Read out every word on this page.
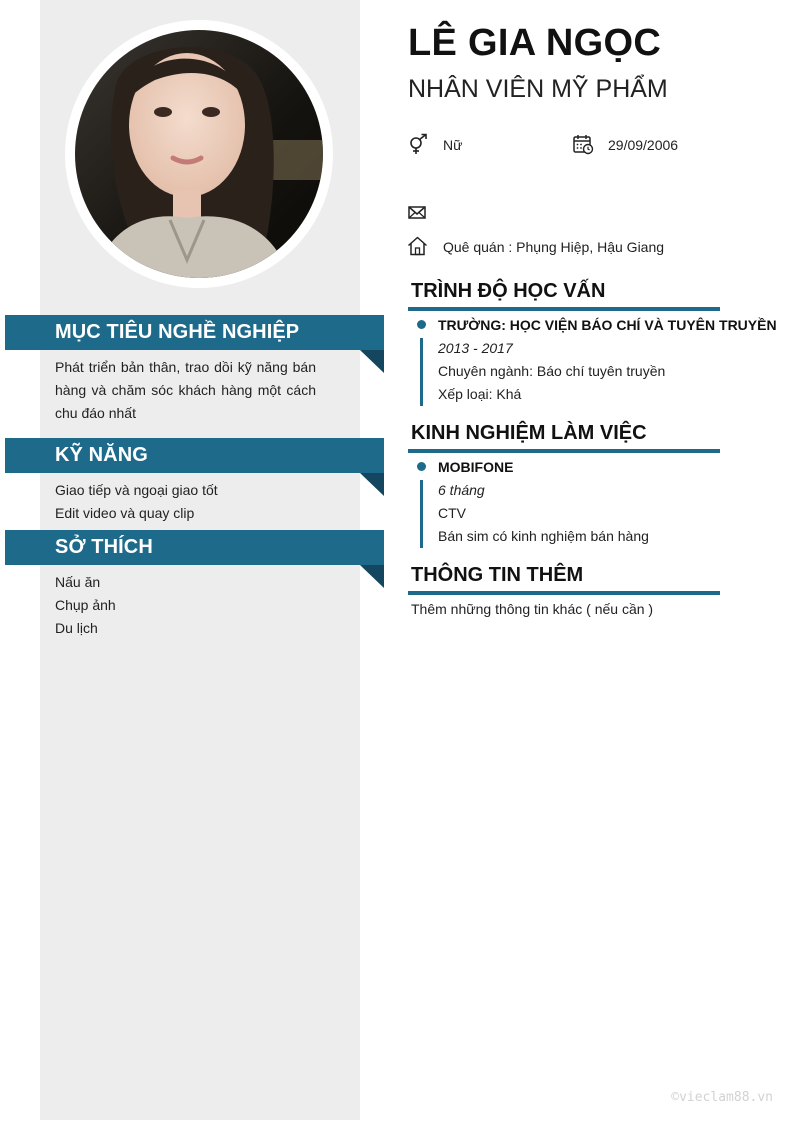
MỤC TIÊU NGHỀ NGHIỆP
Phát triển bản thân, trao dồi kỹ năng bán
hàng và chăm sóc khách hàng một cách
chu đáo nhất
KỸ NĂNG
Giao tiếp và ngoại giao tốt
Edit video và quay clip
SỞ THÍCH
Nấu ăn
Chụp ảnh
Du lịch
LÊ GIA NGỌC
NHÂN VIÊN MỸ PHẨM
Nữ	29/09/2006
Quê quán : Phụng Hiệp, Hậu Giang
TRÌNH ĐỘ HỌC VẤN
TRƯỜNG: HỌC VIỆN BÁO CHÍ VÀ TUYÊN TRUYỀN
2013 - 2017
Chuyên ngành: Báo chí tuyên truyền
Xếp loại: Khá
KINH NGHIỆM LÀM VIỆC
MOBIFONE
6 tháng
CTV
Bán sim có kinh nghiệm bán hàng
THÔNG TIN THÊM
Thêm những thông tin khác ( nếu cần )
©vieclam88.vn
